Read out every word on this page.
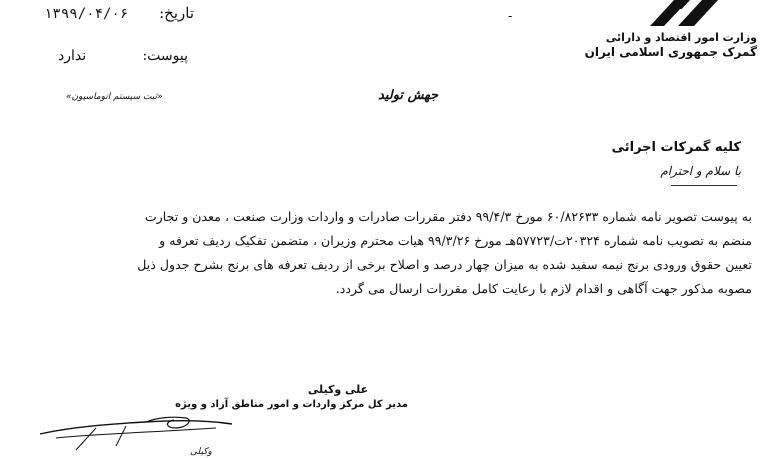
وزارت امور اقتصاد و دارائی
گمرک جمهوری اسلامی ایران
تاریخ:
۱۳۹۹/۰۴/۰۶	-
پیوست:
ندارد
«ثبت سیستم اتوماسیون»	جهش تولید
کلیه گمرکات اجرائی
با سلام و احترام

به پیوست تصویر نامه شماره ۶۰/۸۲۶۳۳ مورخ ۹۹/۴/۳ دفتر مقررات صادرات و واردات وزارت صنعت ، معدن و تجارت

منضم به تصویب نامه شماره ۲۰۳۲۴ت/۵۷۷۲۳هـ مورخ ۹۹/۳/۲۶ هیات محترم وزیران ، متضمن تفکیک ردیف تعرفه و

تعیین حقوق ورودی برنج نیمه سفید شده به میزان چهار درصد و اصلاح برخی از ردیف تعرفه های برنج بشرح جدول ذیل

مصوبه مذکور جهت آگاهی و اقدام لازم با رعایت کامل مقررات ارسال می گردد.

علی وکیلی
مدیر کل مرکز واردات و امور مناطق آزاد و ویژه
وکیلی
